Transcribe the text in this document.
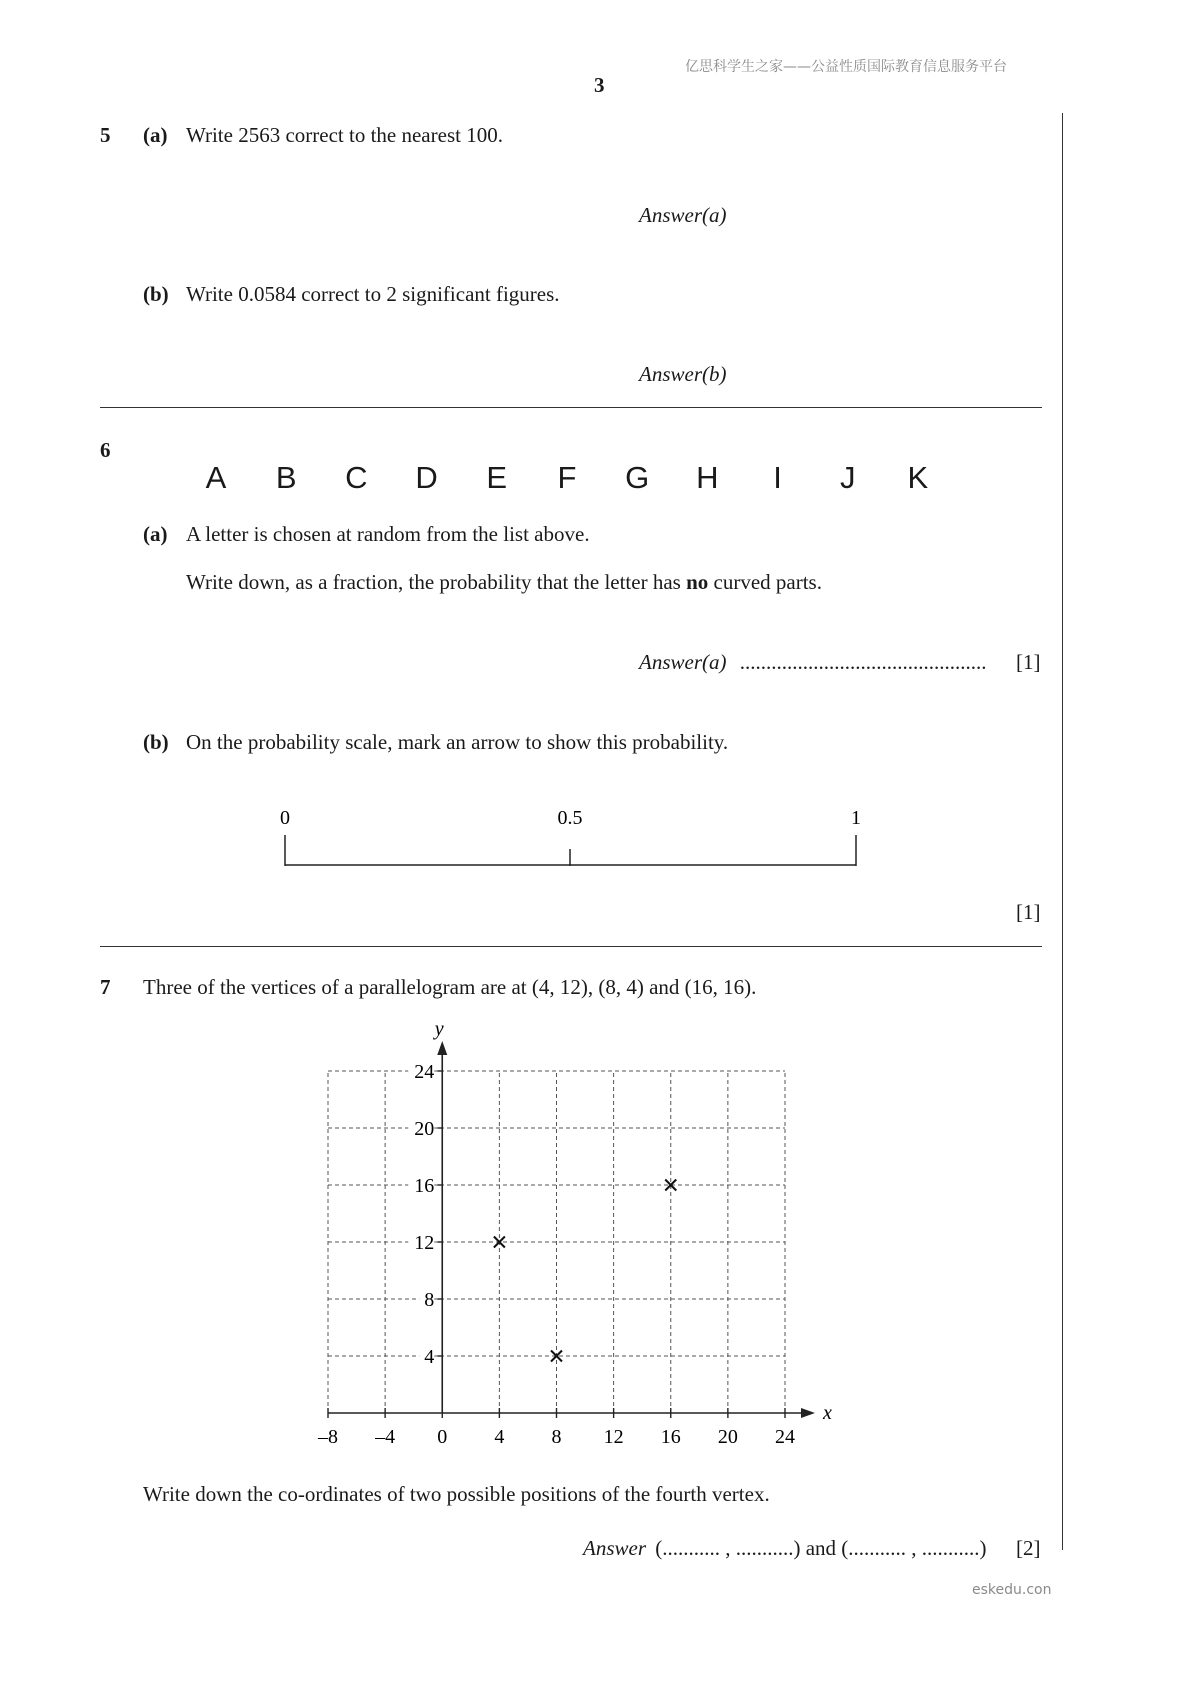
亿思科学生之家——公益性质国际教育信息服务平台
3
5 (a) Write 2563 correct to the nearest 100.
Answer(a)
(b) Write 0.0584 correct to 2 significant figures.
Answer(b)
6
A	B	C D	E	F	G H	I	J	K
(a) A letter is chosen at random from the list above.
Write down, as a fraction, the probability that the letter has no curved parts.
Answer(a) ............................................... [1]
(b) On the probability scale, mark an arrow to show this probability.
0	0.5	1
[1]
7 Three of the vertices of a parallelogram are at (4, 12), (8, 4) and (16, 16).
x
y
–8 –4 0 4 8 12 16 20 24
4
8
12
16
20
24
Write down the co-ordinates of two possible positions of the fourth vertex.
Answer (........... , ...........) and (........... , ...........) [2]
eskedu.con
